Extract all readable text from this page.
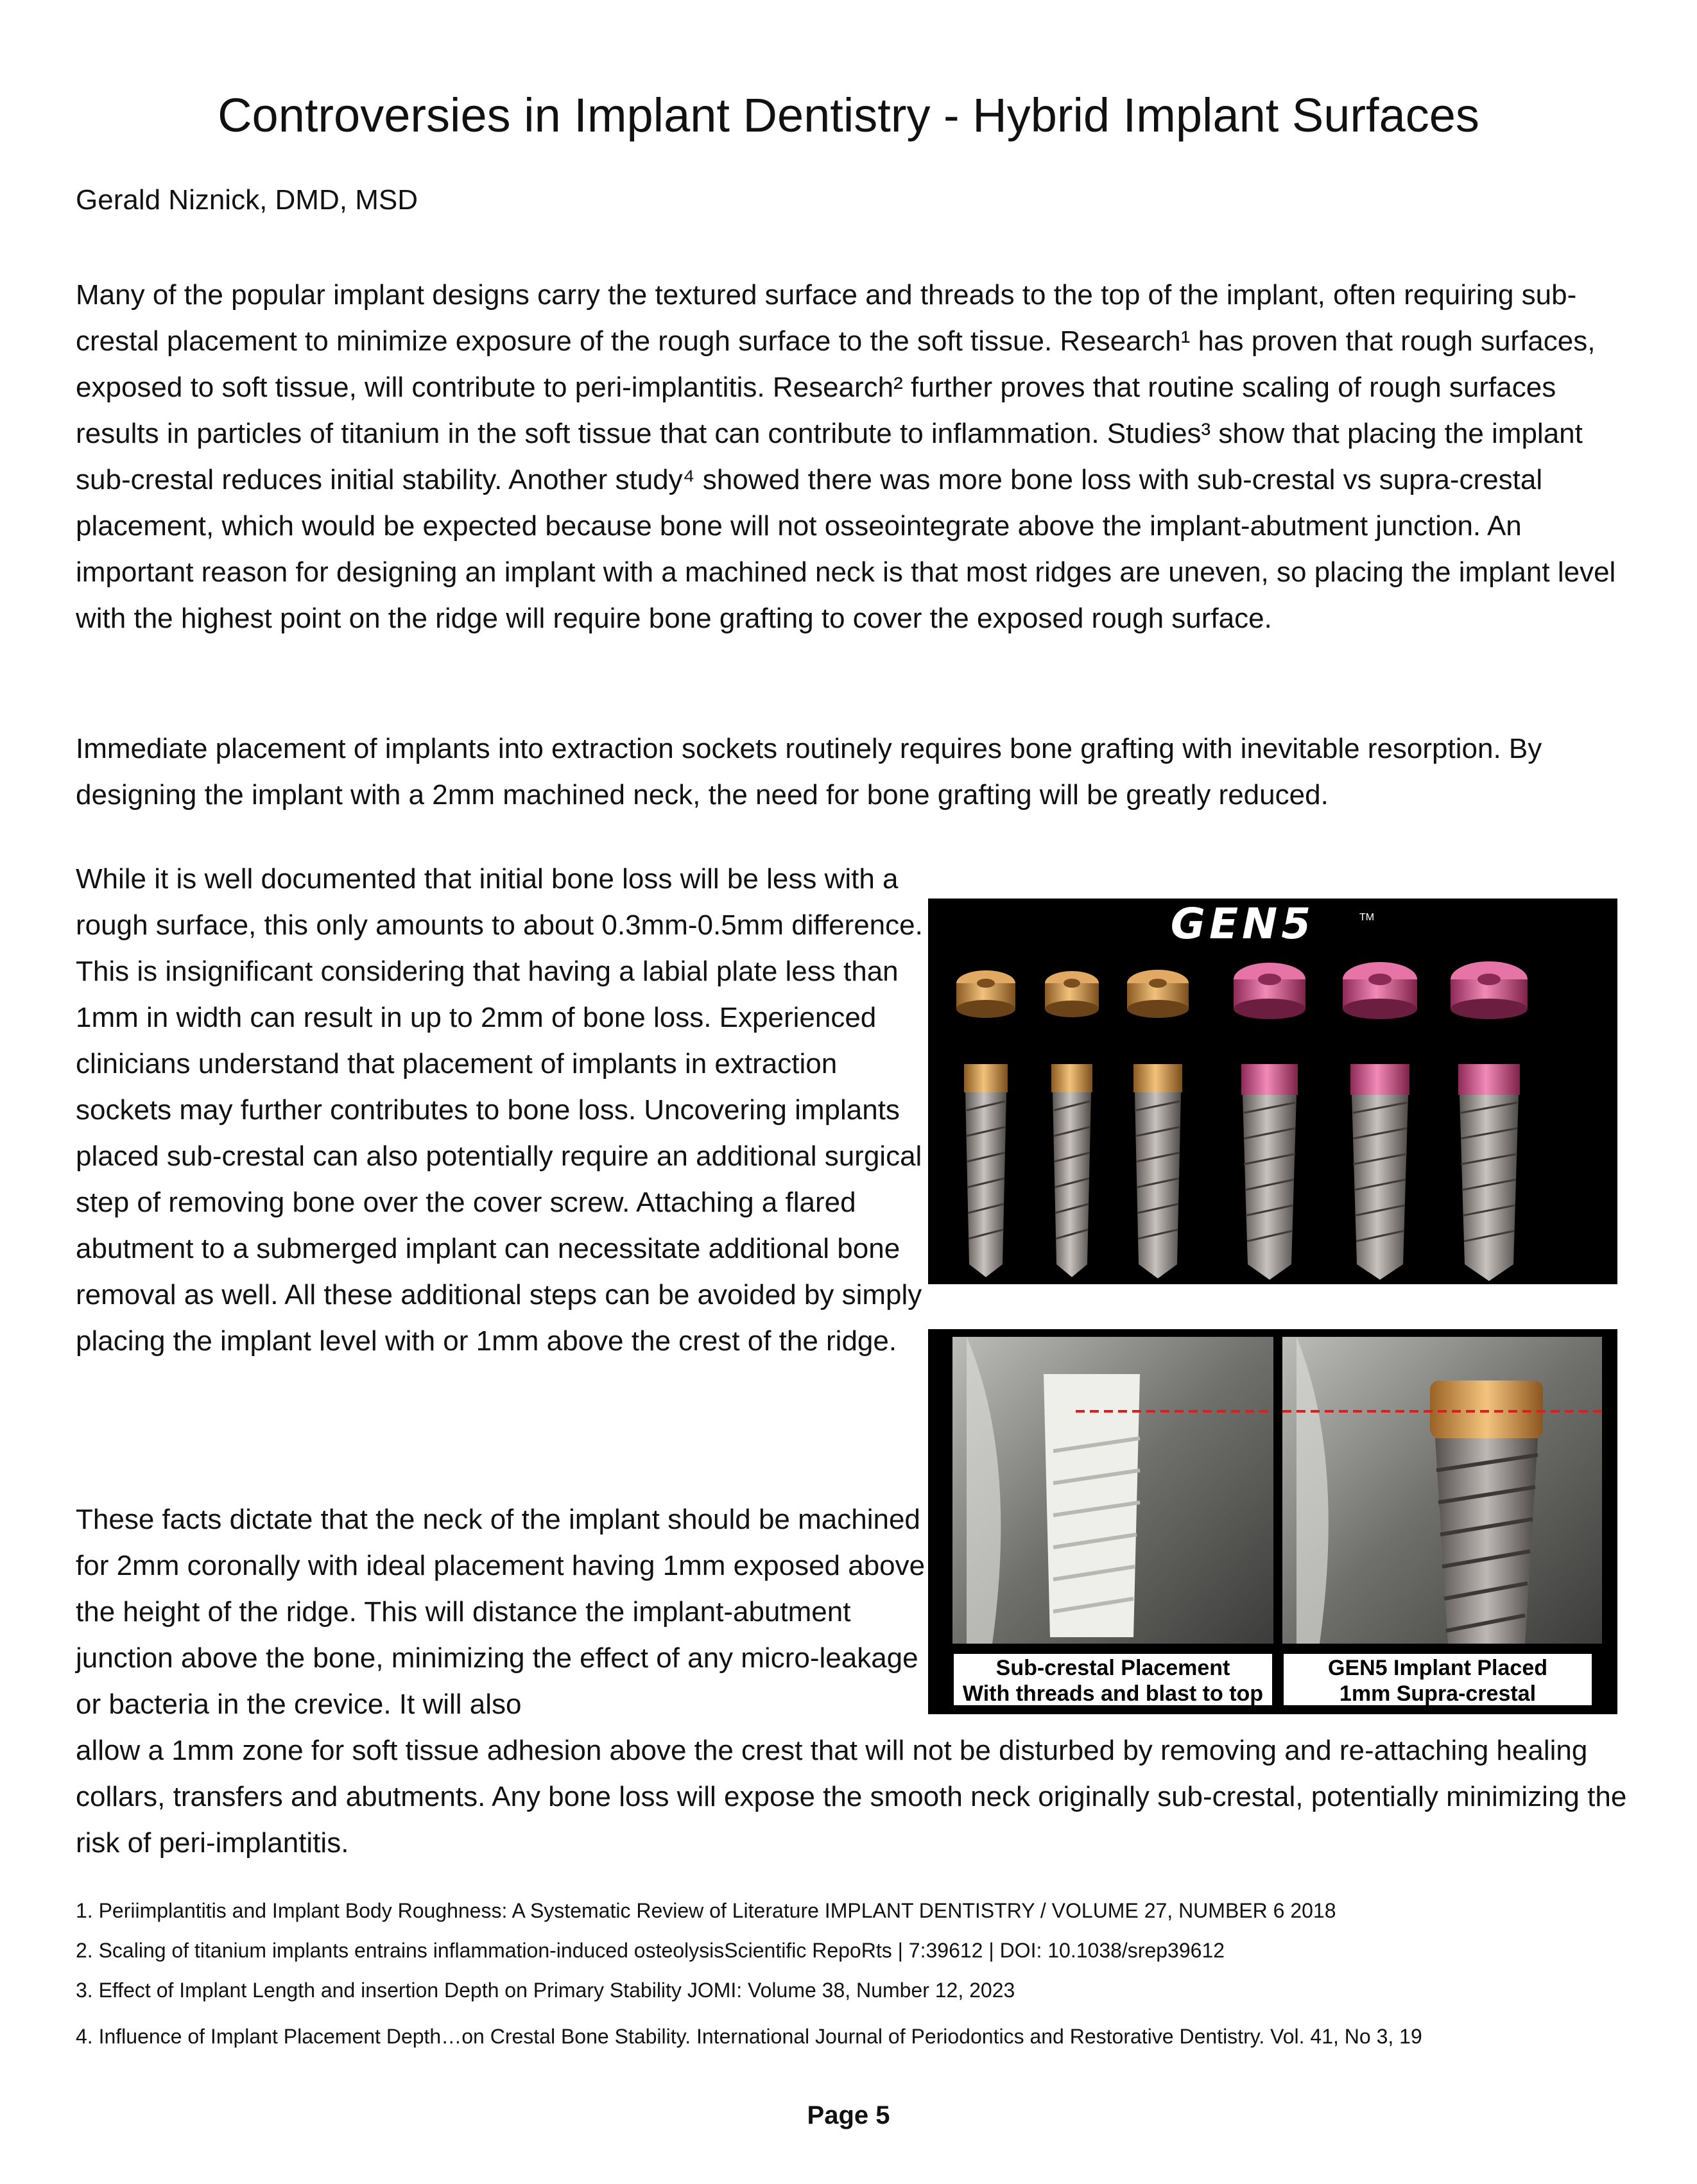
Controversies in Implant Dentistry - Hybrid Implant Surfaces
Gerald Niznick, DMD, MSD

Many of the popular implant designs carry the textured surface and threads to the top of the implant, often requiring sub-crestal placement to minimize exposure of the rough surface to the soft tissue. Research¹ has proven that rough surfaces, exposed to soft tissue, will contribute to peri-implantitis. Research² further proves that routine scaling of rough surfaces results in particles of titanium in the soft tissue that can contribute to inflammation. Studies³ show that placing the implant sub-crestal reduces initial stability. Another study⁴ showed there was more bone loss with sub-crestal vs supra-crestal placement, which would be expected because bone will not osseointegrate above the implant-abutment junction. An important reason for designing an implant with a machined neck is that most ridges are uneven, so placing the implant level with the highest point on the ridge will require bone grafting to cover the exposed rough surface.

Immediate placement of implants into extraction sockets routinely requires bone grafting with inevitable resorption. By designing the implant with a 2mm machined neck, the need for bone grafting will be greatly reduced.

While it is well documented that initial bone loss will be less with a rough surface, this only amounts to about 0.3mm-0.5mm difference. This is insignificant considering that having a labial plate less than 1mm in width can result in up to 2mm of bone loss. Experienced clinicians understand that placement of implants in extraction sockets may further contributes to bone loss. Uncovering implants placed sub-crestal can also potentially require an additional surgical step of removing bone over the cover screw. Attaching a flared abutment to a submerged implant can necessitate additional bone removal as well. All these additional steps can be avoided by simply placing the implant level with or 1mm above the crest of the ridge.

These facts dictate that the neck of the implant should be machined for 2mm coronally with ideal placement having 1mm exposed above the height of the ridge. This will distance the implant-abutment junction above the bone, minimizing the effect of any micro-leakage or bacteria in the crevice. It will also

allow a 1mm zone for soft tissue adhesion above the crest that will not be disturbed by removing and re-attaching healing collars, transfers and abutments. Any bone loss will expose the smooth neck originally sub-crestal, potentially minimizing the risk of peri-implantitis.

GEN5	TM
Sub-crestal Placement
With threads and blast to top
GEN5 Implant Placed
1mm Supra-crestal

1. Periimplantitis and Implant Body Roughness: A Systematic Review of Literature IMPLANT DENTISTRY / VOLUME 27, NUMBER 6 2018

2. Scaling of titanium implants entrains inflammation-induced osteolysisScientific RepoRts | 7:39612 | DOI: 10.1038/srep39612

3. Effect of Implant Length and insertion Depth on Primary Stability JOMI: Volume 38, Number 12, 2023

4. Influence of Implant Placement Depth…on Crestal Bone Stability. International Journal of Periodontics and Restorative Dentistry. Vol. 41, No 3, 19

Page 5
